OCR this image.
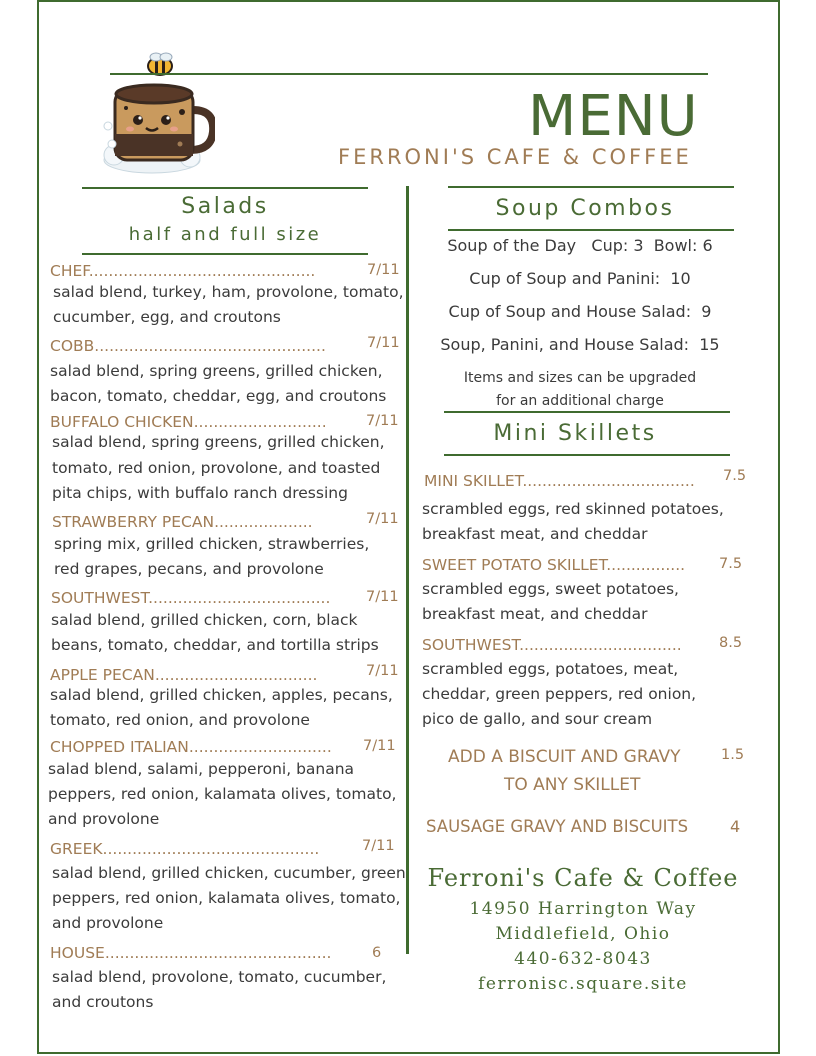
MENU
FERRONI'S CAFE & COFFEE
Salads
half and full size
CHEF..............................................	7/11
salad blend, turkey, ham, provolone, tomato,
cucumber, egg, and croutons
COBB...............................................	7/11
salad blend, spring greens, grilled chicken,
bacon, tomato, cheddar, egg, and croutons
BUFFALO CHICKEN...........................	7/11
salad blend, spring greens, grilled chicken,
tomato, red onion, provolone, and toasted
pita chips, with buffalo ranch dressing
STRAWBERRY PECAN....................	7/11
spring mix, grilled chicken, strawberries,
red grapes, pecans, and provolone
SOUTHWEST..................................... 7/11
salad blend, grilled chicken, corn, black
beans, tomato, cheddar, and tortilla strips
APPLE PECAN.................................	7/11
salad blend, grilled chicken, apples, pecans,
tomato, red onion, and provolone
CHOPPED ITALIAN............................. 7/11
salad blend, salami, pepperoni, banana
peppers, red onion, kalamata olives, tomato,
and provolone
GREEK............................................	7/11
salad blend, grilled chicken, cucumber, green
peppers, red onion, kalamata olives, tomato,
and provolone
HOUSE..............................................	6
salad blend, provolone, tomato, cucumber,
and croutons
Soup Combos
Soup of the Day   Cup: 3  Bowl: 6
Cup of Soup and Panini:  10
Cup of Soup and House Salad:  9
Soup, Panini, and House Salad:  15
Items and sizes can be upgraded
for an additional charge
Mini Skillets
MINI SKILLET................................... 7.5
scrambled eggs, red skinned potatoes,
breakfast meat, and cheddar
SWEET POTATO SKILLET................ 7.5
scrambled eggs, sweet potatoes,
breakfast meat, and cheddar
SOUTHWEST.................................	8.5
scrambled eggs, potatoes, meat,
cheddar, green peppers, red onion,
pico de gallo, and sour cream
ADD A BISCUIT AND GRAVY
TO ANY SKILLET
1.5
SAUSAGE GRAVY AND BISCUITS	4
Ferroni's Cafe & Coffee
14950 Harrington Way
Middlefield, Ohio
440-632-8043
ferronisc.square.site
